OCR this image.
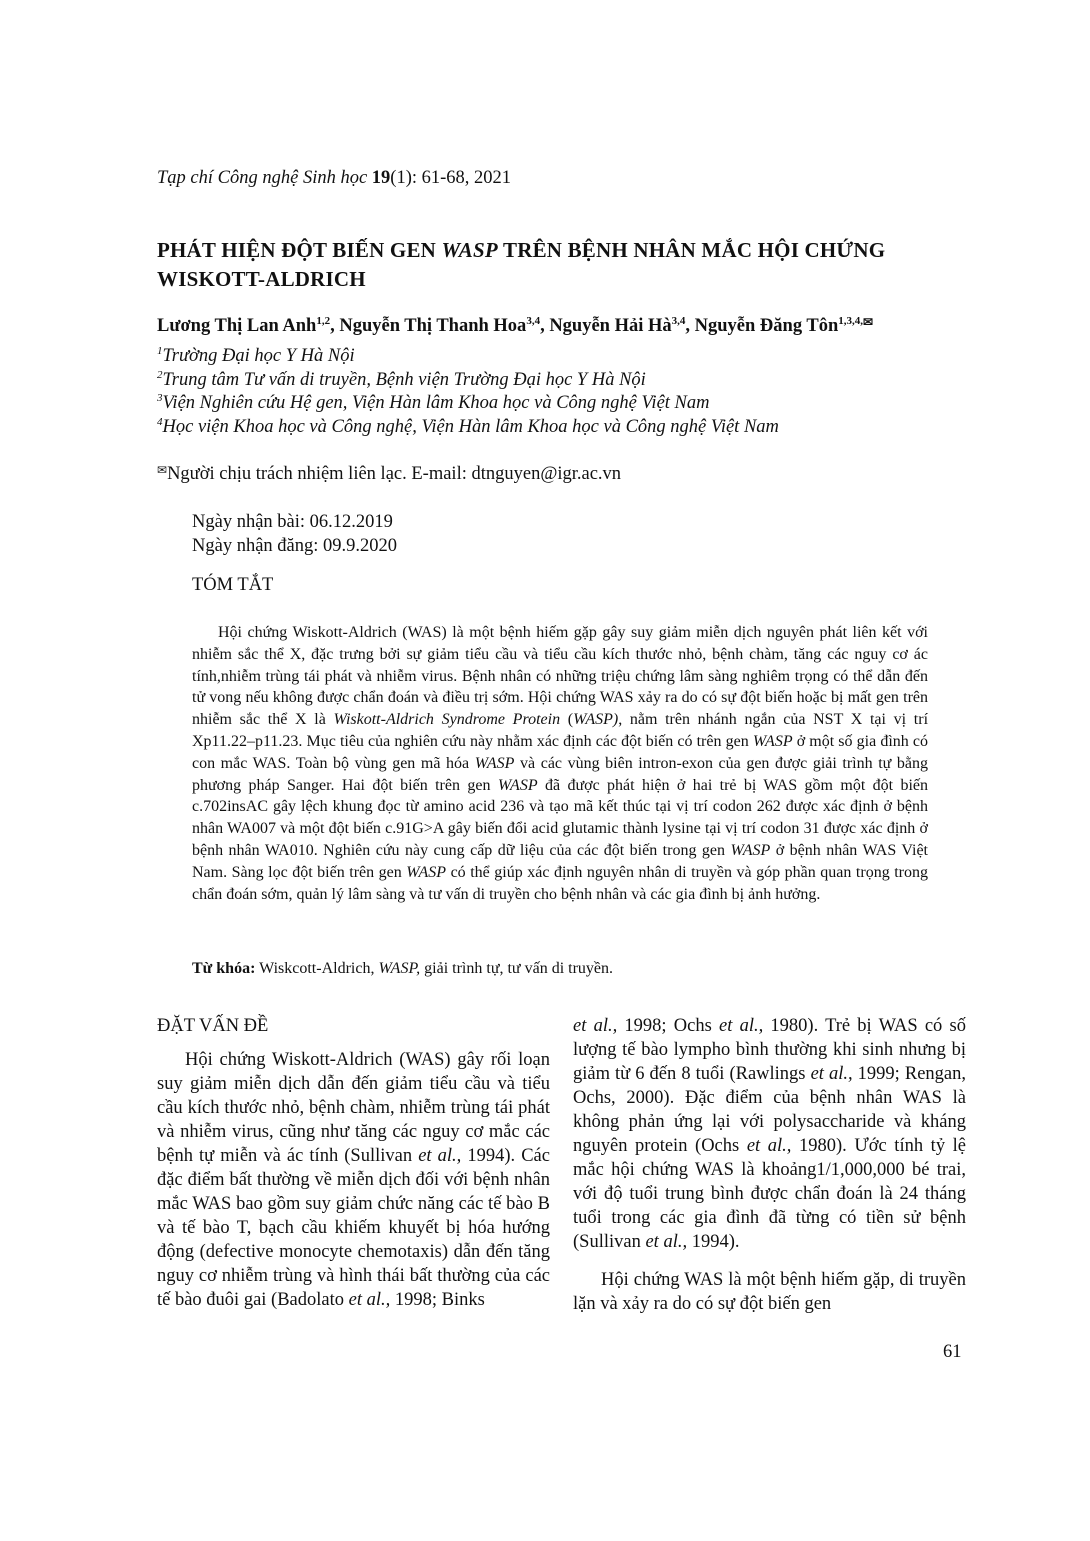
Tạp chí Công nghệ Sinh học 19(1): 61-68, 2021
PHÁT HIỆN ĐỘT BIẾN GEN WASP TRÊN BỆNH NHÂN MẮC HỘI CHỨNG WISKOTT-ALDRICH
Lương Thị Lan Anh$^{1,2}$, Nguyễn Thị Thanh Hoa$^{3,4}$, Nguyễn Hải Hà$^{3,4}$, Nguyễn Đăng Tôn$^{1,3,4,✉}$
$^1$Trường Đại học Y Hà Nội
$^2$Trung tâm Tư vấn di truyền, Bệnh viện Trường Đại học Y Hà Nội
$^3$Viện Nghiên cứu Hệ gen, Viện Hàn lâm Khoa học và Công nghệ Việt Nam
$^4$Học viện Khoa học và Công nghệ, Viện Hàn lâm Khoa học và Công nghệ Việt Nam
✉Người chịu trách nhiệm liên lạc. E-mail: dtnguyen@igr.ac.vn
Ngày nhận bài: 06.12.2019
Ngày nhận đăng: 09.9.2020
TÓM TẮT

Hội chứng Wiskott-Aldrich (WAS) là một bệnh hiếm gặp gây suy giảm miễn dịch nguyên phát liên kết với nhiễm sắc thể X, đặc trưng bởi sự giảm tiểu cầu và tiểu cầu kích thước nhỏ, bệnh chàm, tăng các nguy cơ ác tính,nhiễm trùng tái phát và nhiễm virus. Bệnh nhân có những triệu chứng lâm sàng nghiêm trọng có thể dẫn đến tử vong nếu không được chẩn đoán và điều trị sớm. Hội chứng WAS xảy ra do có sự đột biến hoặc bị mất gen trên nhiễm sắc thể X là Wiskott-Aldrich Syndrome Protein (WASP), nằm trên nhánh ngắn của NST X tại vị trí Xp11.22–p11.23. Mục tiêu của nghiên cứu này nhằm xác định các đột biến có trên gen WASP ở một số gia đình có con mắc WAS. Toàn bộ vùng gen mã hóa WASP và các vùng biên intron-exon của gen được giải trình tự bằng phương pháp Sanger. Hai đột biến trên gen WASP đã được phát hiện ở hai trẻ bị WAS gồm một đột biến c.702insAC gây lệch khung đọc từ amino acid 236 và tạo mã kết thúc tại vị trí codon 262 được xác định ở bệnh nhân WA007 và một đột biến c.91G>A gây biến đổi acid glutamic thành lysine tại vị trí codon 31 được xác định ở bệnh nhân WA010. Nghiên cứu này cung cấp dữ liệu của các đột biến trong gen WASP ở bệnh nhân WAS Việt Nam. Sàng lọc đột biến trên gen WASP có thể giúp xác định nguyên nhân di truyền và góp phần quan trọng trong chẩn đoán sớm, quản lý lâm sàng và tư vấn di truyền cho bệnh nhân và các gia đình bị ảnh hưởng.

Từ khóa: Wiskcott-Aldrich, WASP, giải trình tự, tư vấn di truyền.
ĐẶT VẤN ĐỀ

Hội chứng Wiskott-Aldrich (WAS) gây rối loạn suy giảm miễn dịch dẫn đến giảm tiểu cầu và tiểu cầu kích thước nhỏ, bệnh chàm, nhiễm trùng tái phát và nhiễm virus, cũng như tăng các nguy cơ mắc các bệnh tự miễn và ác tính (Sullivan et al., 1994). Các đặc điểm bất thường về miễn dịch đối với bệnh nhân mắc WAS bao gồm suy giảm chức năng các tế bào B và tế bào T, bạch cầu khiếm khuyết bị hóa hướng động (defective monocyte chemotaxis) dẫn đến tăng nguy cơ nhiễm trùng và hình thái bất thường của các tế bào đuôi gai (Badolato et al., 1998; Binks

et al., 1998; Ochs et al., 1980). Trẻ bị WAS có số lượng tế bào lympho bình thường khi sinh nhưng bị giảm từ 6 đến 8 tuổi (Rawlings et al., 1999; Rengan, Ochs, 2000). Đặc điểm của bệnh nhân WAS là không phản ứng lại với polysaccharide và kháng nguyên protein (Ochs et al., 1980). Ước tính tỷ lệ mắc hội chứng WAS là khoảng1/1,000,000 bé trai, với độ tuổi trung bình được chẩn đoán là 24 tháng tuổi trong các gia đình đã từng có tiền sử bệnh (Sullivan et al., 1994).

Hội chứng WAS là một bệnh hiếm gặp, di truyền lặn và xảy ra do có sự đột biến gen

61
